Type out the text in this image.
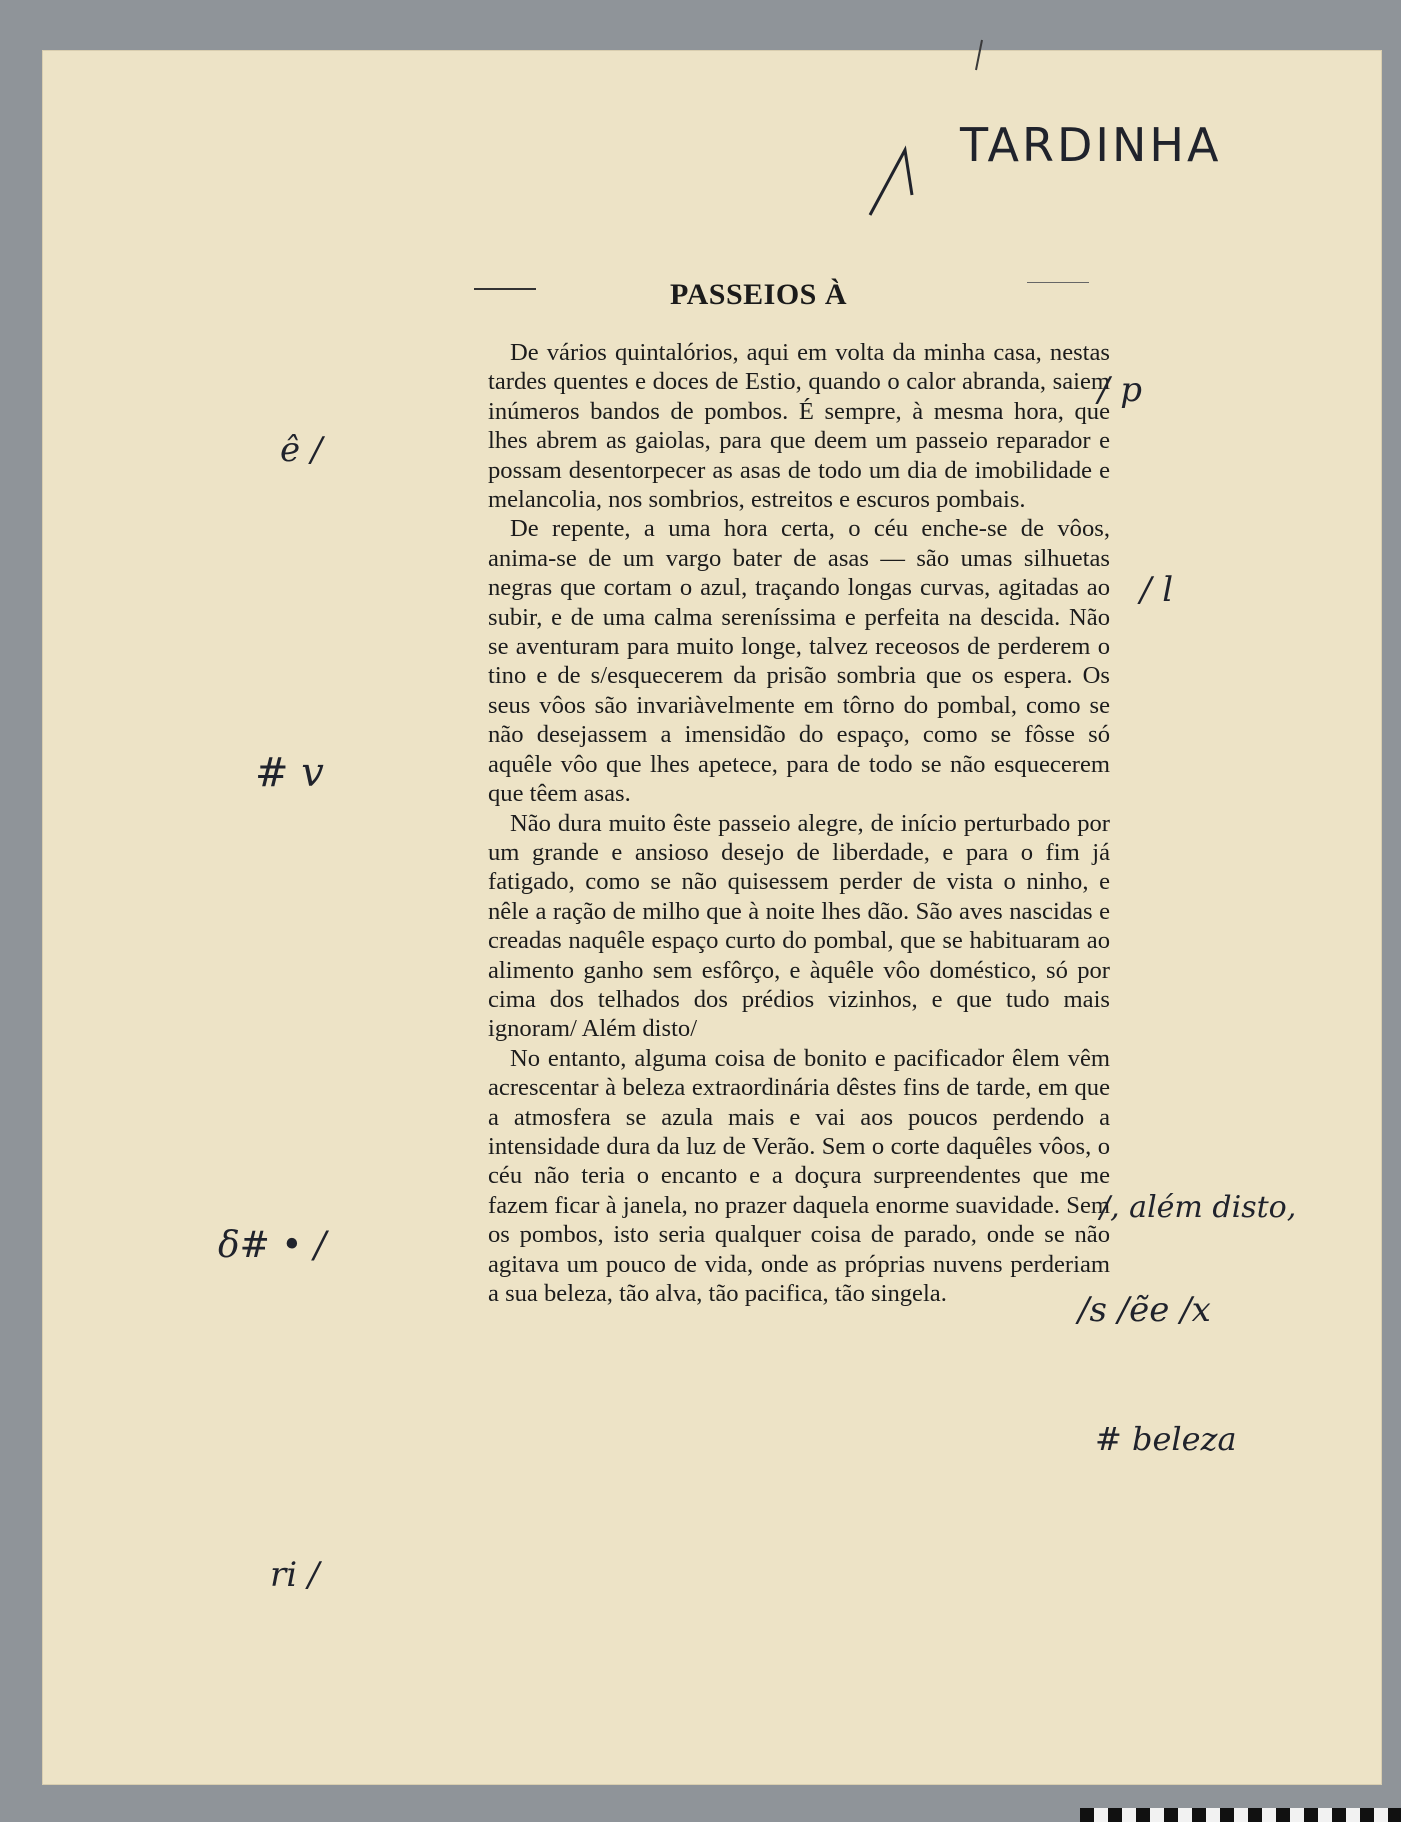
PASSEIOS À

De vários quintalórios, aqui em volta da minha casa, nestas tardes quentes e doces de Estio, quando o calor abranda, saiem inúmeros bandos de pombos. É sempre, à mesma hora, que lhes abrem as gaiolas, para que deem um passeio reparador e possam desentorpecer as asas de todo um dia de imobilidade e melancolia, nos sombrios, estreitos e escuros pombais.

De repente, a uma hora certa, o céu enche-se de vôos, anima-se de um vargo bater de asas — são umas silhuetas negras que cortam o azul, traçando longas curvas, agitadas ao subir, e de uma calma sereníssima e perfeita na descida. Não se aventuram para muito longe, talvez receosos de perderem o tino e de s/esquecerem da prisão sombria que os espera. Os seus vôos são invariàvelmente em tôrno do pombal, como se não desejassem a imensidão do espaço, como se fôsse só aquêle vôo que lhes apetece, para de todo se não esquecerem que têem asas.

Não dura muito êste passeio alegre, de início perturbado por um grande e ansioso desejo de liberdade, e para o fim já fatigado, como se não quisessem perder de vista o ninho, e nêle a ração de milho que à noite lhes dão. São aves nascidas e creadas naquêle espaço curto do pombal, que se habituaram ao alimento ganho sem esfôrço, e àquêle vôo doméstico, só por cima dos telhados dos prédios vizinhos, e que tudo mais ignoram/ Além disto/

No entanto, alguma coisa de bonito e pacificador êlem vêm acrescentar à beleza extraordinária dêstes fins de tarde, em que a atmosfera se azula mais e vai aos poucos perdendo a intensidade dura da luz de Verão. Sem o corte daquêles vôos, o céu não teria o encanto e a doçura surpreendentes que me fazem ficar à janela, no prazer daquela enorme suavidade. Sem os pombos, isto seria qualquer coisa de parado, onde se não agitava um pouco de vida, onde as próprias nuvens perderiam a sua beleza, tão alva, tão pacifica, tão singela.

TARDINHA
/ p
/ l
/, além disto,
/s /ẽe /x
# beleza
ê /
# v
δ# • /
ri /
